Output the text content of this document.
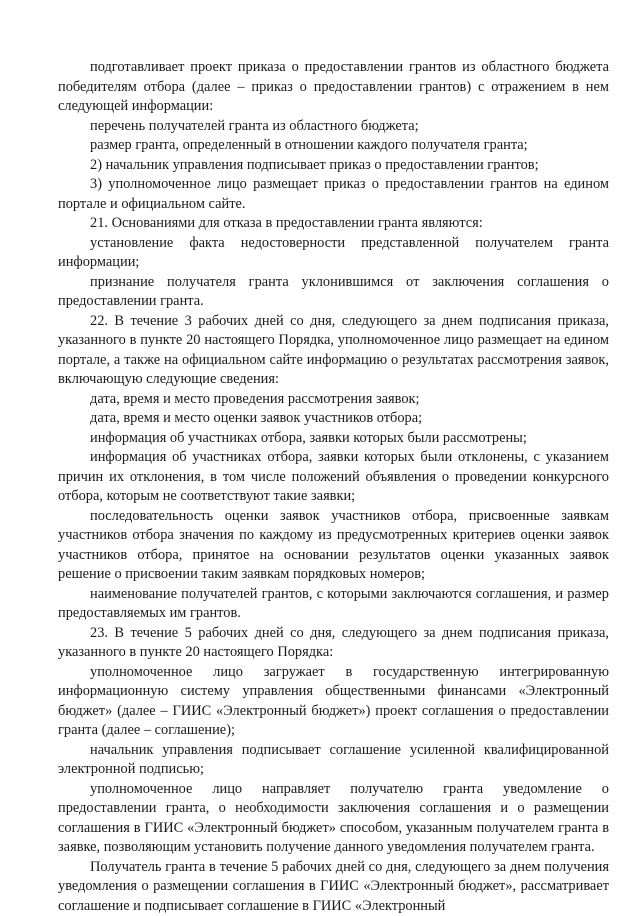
подготавливает проект приказа о предоставлении грантов из областного бюджета победителям отбора (далее – приказ о предоставлении грантов) с отражением в нем следующей информации:

перечень получателей гранта из областного бюджета;

размер гранта, определенный в отношении каждого получателя гранта;

2) начальник управления подписывает приказ о предоставлении грантов;

3) уполномоченное лицо размещает приказ о предоставлении грантов на едином портале и официальном сайте.

21. Основаниями для отказа в предоставлении гранта являются:

установление факта недостоверности представленной получателем гранта информации;

признание получателя гранта уклонившимся от заключения соглашения о предоставлении гранта.

22. В течение 3 рабочих дней со дня, следующего за днем подписания приказа, указанного в пункте 20 настоящего Порядка, уполномоченное лицо размещает на едином портале, а также на официальном сайте информацию о результатах рассмотрения заявок, включающую следующие сведения:

дата, время и место проведения рассмотрения заявок;

дата, время и место оценки заявок участников отбора;

информация об участниках отбора, заявки которых были рассмотрены;

информация об участниках отбора, заявки которых были отклонены, с указанием причин их отклонения, в том числе положений объявления о проведении конкурсного отбора, которым не соответствуют такие заявки;

последовательность оценки заявок участников отбора, присвоенные заявкам участников отбора значения по каждому из предусмотренных критериев оценки заявок участников отбора, принятое на основании результатов оценки указанных заявок решение о присвоении таким заявкам порядковых номеров;

наименование получателей грантов, с которыми заключаются соглашения, и размер предоставляемых им грантов.

23. В течение 5 рабочих дней со дня, следующего за днем подписания приказа, указанного в пункте 20 настоящего Порядка:

уполномоченное лицо загружает в государственную интегрированную информационную систему управления общественными финансами «Электронный бюджет» (далее – ГИИС «Электронный бюджет») проект соглашения о предоставлении гранта (далее – соглашение);

начальник управления подписывает соглашение усиленной квалифицированной электронной подписью;

уполномоченное лицо направляет получателю гранта уведомление о предоставлении гранта, о необходимости заключения соглашения и о размещении соглашения в ГИИС «Электронный бюджет» способом, указанным получателем гранта в заявке, позволяющим установить получение данного уведомления получателем гранта.

Получатель гранта в течение 5 рабочих дней со дня, следующего за днем получения уведомления о размещении соглашения в ГИИС «Электронный бюджет», рассматривает соглашение и подписывает соглашение в ГИИС «Электронный
